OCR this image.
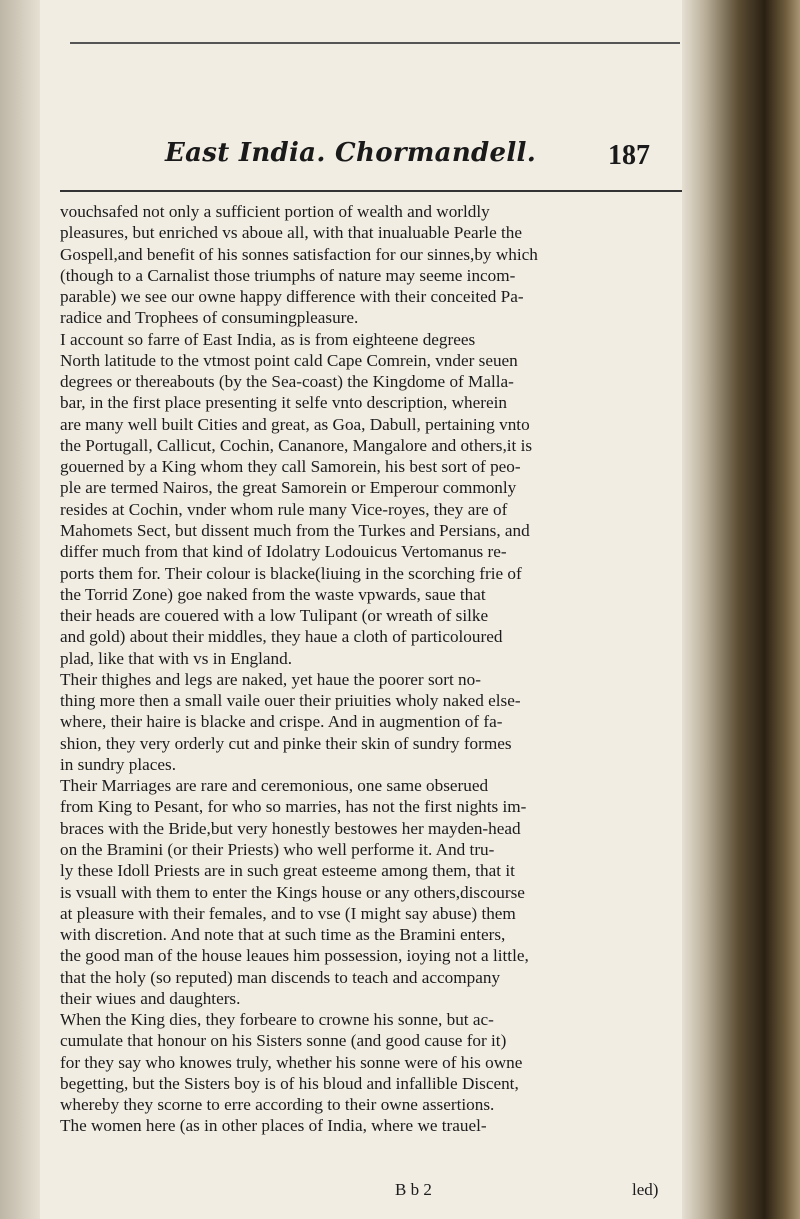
East India. Chormandell.	187
vouchsafed not only a sufficient portion of wealth and worldly
pleasures, but enriched vs aboue all, with that inualuable Pearle the
Gospell,and benefit of his sonnes satisfaction for our sinnes,by which
(though to a Carnalist those triumphs of nature may seeme incom-
parable) we see our owne happy difference with their conceited Pa-
radice and Trophees of consumingpleasure.
I account so farre of East India, as is from eighteene degrees
North latitude to the vtmost point cald Cape Comrein, vnder seuen
degrees or thereabouts (by the Sea-coast) the Kingdome of Malla-
bar, in the first place presenting it selfe vnto description, wherein
are many well built Cities and great, as Goa, Dabull, pertaining vnto
the Portugall, Callicut, Cochin, Cananore, Mangalore and others,it is
gouerned by a King whom they call Samorein, his best sort of peo-
ple are termed Nairos, the great Samorein or Emperour commonly
resides at Cochin, vnder whom rule many Vice-royes, they are of
Mahomets Sect, but dissent much from the Turkes and Persians, and
differ much from that kind of Idolatry Lodouicus Vertomanus re-
ports them for. Their colour is blacke(liuing in the scorching frie of
the Torrid Zone) goe naked from the waste vpwards, saue that
their heads are couered with a low Tulipant (or wreath of silke
and gold) about their middles, they haue a cloth of particoloured
plad, like that with vs in England.
Their thighes and legs are naked, yet haue the poorer sort no-
thing more then a small vaile ouer their priuities wholy naked else-
where, their haire is blacke and crispe. And in augmention of fa-
shion, they very orderly cut and pinke their skin of sundry formes
in sundry places.
Their Marriages are rare and ceremonious, one same obserued
from King to Pesant, for who so marries, has not the first nights im-
braces with the Bride,but very honestly bestowes her mayden-head
on the Bramini (or their Priests) who well performe it. And tru-
ly these Idoll Priests are in such great esteeme among them, that it
is vsuall with them to enter the Kings house or any others,discourse
at pleasure with their females, and to vse (I might say abuse) them
with discretion. And note that at such time as the Bramini enters,
the good man of the house leaues him possession, ioying not a little,
that the holy (so reputed) man discends to teach and accompany
their wiues and daughters.
When the King dies, they forbeare to crowne his sonne, but ac-
cumulate that honour on his Sisters sonne (and good cause for it)
for they say who knowes truly, whether his sonne were of his owne
begetting, but the Sisters boy is of his bloud and infallible Discent,
whereby they scorne to erre according to their owne assertions.
The women here (as in other places of India, where we trauel-
B b 2	led)
